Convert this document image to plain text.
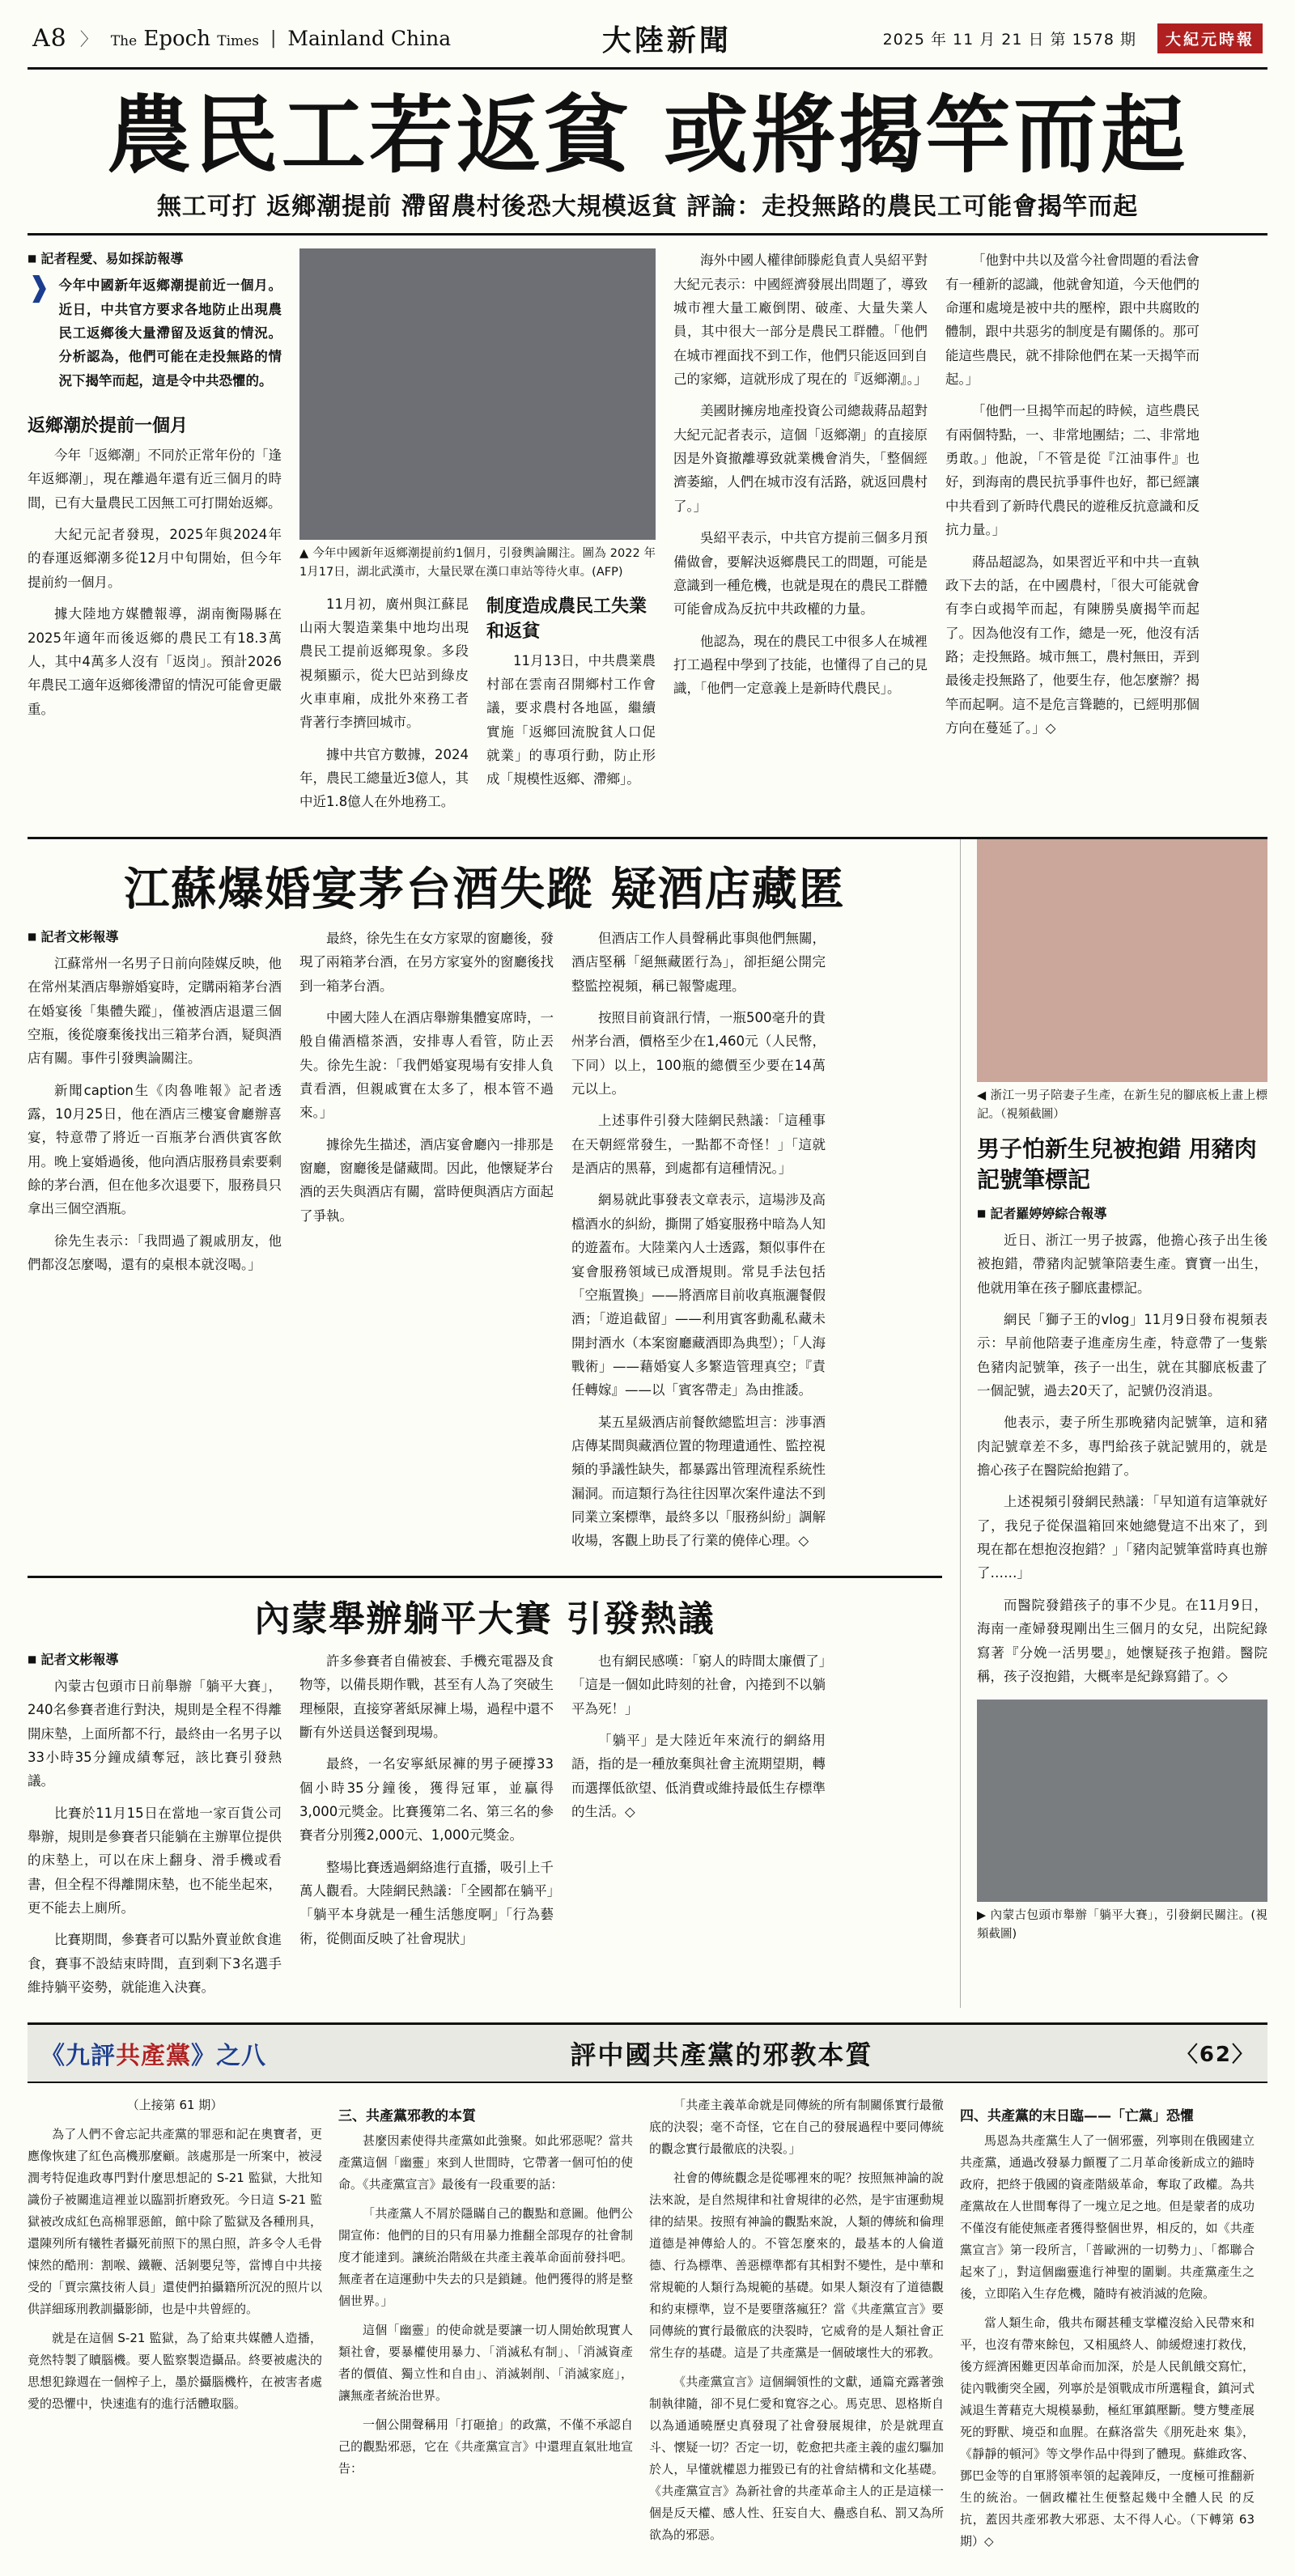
A8 〉 The Epoch Times | Mainland China	大陸新聞	2025 年 11 月 21 日 第 1578 期	大紀元時報
農民工若返貧 或將揭竿而起
無工可打 返鄉潮提前 滯留農村後恐大規模返貧 評論：走投無路的農民工可能會揭竿而起
■ 記者程愛、易如採訪報導
❱ 今年中國新年返鄉潮提前近一個月。近日，中共官方要求各地防止出現農民工返鄉後大量滯留及返貧的情況。分析認為，他們可能在走投無路的情況下揭竿而起，這是令中共恐懼的。

返鄉潮於提前一個月

今年「返鄉潮」不同於正常年份的「逢年返鄉潮」，現在離過年還有近三個月的時間，已有大量農民工因無工可打開始返鄉。

大紀元記者發現，2025年與2024年的春運返鄉潮多從12月中旬開始，但今年提前約一個月。

據大陸地方媒體報導，湖南衡陽縣在2025年適年而後返鄉的農民工有18.3萬人，其中4萬多人沒有「返岗」。預計2026年農民工適年返鄉後滯留的情況可能會更嚴重。

▲ 今年中國新年返鄉潮提前約1個月，引發輿論關注。圖為 2022 年1月17日，湖北武漢市，大量民眾在漢口車站等待火車。(AFP)

11月初，廣州與江蘇昆山兩大製造業集中地均出現農民工提前返鄉現象。多段視頻顯示，從大巴站到綠皮火車車廂，成批外來務工者背著行李擠回城市。

據中共官方數據，2024年，農民工總量近3億人，其中近1.8億人在外地務工。

制度造成農民工失業和返貧

11月13日，中共農業農村部在雲南召開鄉村工作會議，要求農村各地區，繼續實施「返鄉回流脫貧人口促就業」的專項行動，防止形成「規模性返鄉、滯鄉」。

海外中國人權律師滕彪負責人吳紹平對大紀元表示：中國經濟發展出問題了，導致城市裡大量工廠倒閉、破產、大量失業人員，其中很大一部分是農民工群體。「他們在城市裡面找不到工作，他們只能返回到自己的家鄉，這就形成了現在的『返鄉潮』。」

美國財擁房地產投資公司總裁蔣品超對大紀元記者表示，這個「返鄉潮」的直接原因是外資撤離導致就業機會消失，「整個經濟萎縮，人們在城市沒有活路，就返回農村了。」

吳紹平表示，中共官方提前三個多月預備做會，要解決返鄉農民工的問題，可能是意識到一種危機，也就是現在的農民工群體可能會成為反抗中共政權的力量。

他認為，現在的農民工中很多人在城裡打工過程中學到了技能，也懂得了自己的見識，「他們一定意義上是新時代農民」。

「他對中共以及當今社會問題的看法會有一種新的認識，他就會知道，今天他們的命運和處境是被中共的壓榨，跟中共腐敗的體制，跟中共惡劣的制度是有關係的。那可能這些農民，就不排除他們在某一天揭竿而起。」

「他們一旦揭竿而起的時候，這些農民有兩個特點，一、非常地團結；二、非常地勇敢。」他說，「不管是從『江油事件』也好，到海南的農民抗爭事件也好，都已經讓中共看到了新時代農民的遊稚反抗意識和反抗力量。」

蔣品超認為，如果習近平和中共一直執政下去的話，在中國農村，「很大可能就會有李白或揭竿而起，有陳勝吳廣揭竿而起了。因為他沒有工作，總是一死，他沒有活路；走投無路。城市無工，農村無田，弄到最後走投無路了，他要生存，他怎麼辦？揭竿而起啊。這不是危言聳聽的，已經明那個方向在蔓延了。」◇

江蘇爆婚宴茅台酒失蹤 疑酒店藏匿
■ 記者文彬報導

江蘇常州一名男子日前向陸媒反映，他在常州某酒店舉辦婚宴時，定購兩箱茅台酒在婚宴後「集體失蹤」，僅被酒店退還三個空瓶，後從廢棄後找出三箱茅台酒，疑與酒店有關。事件引發輿論關注。

新聞caption生《肉魯唯報》記者透露，10月25日，他在酒店三樓宴會廳辦喜宴，特意帶了將近一百瓶茅台酒供賓客飲用。晚上宴婚過後，他向酒店服務員索要剩餘的茅台酒，但在他多次退要下，服務員只拿出三個空酒瓶。

徐先生表示：「我問過了親戚朋友，他們都沒怎麼喝，還有的桌根本就沒喝。」

最終，徐先生在女方家眾的窗廳後，發現了兩箱茅台酒，在另方家宴外的窗廳後找到一箱茅台酒。

中國大陸人在酒店舉辦集體宴席時，一般自備酒檔茶酒，安排專人看管，防止丟失。徐先生說：「我們婚宴現場有安排人負責看酒，但親戚實在太多了，根本管不過來。」

據徐先生描述，酒店宴會廳內一排那是窗廳，窗廳後是儲藏間。因此，他懷疑茅台酒的丟失與酒店有關，當時便與酒店方面起了爭執。

但酒店工作人員聲稱此事與他們無關，酒店堅稱「絕無藏匿行為」，卻拒絕公開完整監控視頻，稱已報警處理。

按照目前資訊行情，一瓶500毫升的貴州茅台酒，價格至少在1,460元（人民幣，下同）以上，100瓶的總價至少要在14萬元以上。

上述事件引發大陸網民熱議：「這種事在天朝經常發生，一點都不奇怪！」「這就是酒店的黑幕，到處都有這種情況。」

網易就此事發表文章表示，這場涉及高檔酒水的糾紛，撕開了婚宴服務中暗為人知的遊蓋布。大陸業內人士透露，類似事件在宴會服務領域已成潛規則。常見手法包括「空瓶置換」——將酒席目前收真瓶灑餐假酒；「遊追截留」——利用賓客動亂私藏未開封酒水（本案窗廳藏酒即為典型）；「人海戰術」——藉婚宴人多繁造管理真空；『責任轉嫁』——以「賓客帶走」為由推諉。

某五星級酒店前餐飲總監坦言：涉事酒店傳某間與藏酒位置的物理遺通性、監控視頻的爭議性缺失，都暴露出管理流程系統性漏洞。而這類行為往往因單次案件違法不到同業立案標準，最終多以「服務糾紛」調解收場，客觀上助長了行業的僥倖心理。◇

內蒙舉辦躺平大賽 引發熱議
■ 記者文彬報導

內蒙古包頭市日前舉辦「躺平大賽」，240名參賽者進行對決，規則是全程不得離開床墊，上面所都不行，最終由一名男子以33小時35分鐘成績奪冠，該比賽引發熱議。

比賽於11月15日在當地一家百貨公司舉辦，規則是參賽者只能躺在主辦單位提供的床墊上，可以在床上翻身、滑手機或看書，但全程不得離開床墊，也不能坐起來，更不能去上廁所。

比賽期間，參賽者可以點外賣並飲食進食，賽事不設結束時間，直到剩下3名選手維持躺平姿勢，就能進入決賽。

許多參賽者自備被套、手機充電器及食物等，以備長期作戰，甚至有人為了突破生理極限，直接穿著紙尿褲上場，過程中還不斷有外送員送餐到現場。

最終，一名安寧紙尿褲的男子硬撐33個小時35分鐘後，獲得冠軍，並贏得3,000元獎金。比賽獲第二名、第三名的參賽者分別獲2,000元、1,000元獎金。

整場比賽透過網絡進行直播，吸引上千萬人觀看。大陸網民熱議：「全國都在躺平」「躺平本身就是一種生活態度啊」「行為藝術，從側面反映了社會現狀」

也有網民感嘆：「窮人的時間太廉價了」「這是一個如此時刻的社會，內捲到不以躺平為死！」

「躺平」是大陸近年來流行的網絡用語，指的是一種放棄與社會主流期望期，轉而選擇低欲望、低消費或維持最低生存標準的生活。◇

◀ 浙江一男子陪妻子生產，在新生兒的腳底板上畫上標記。（視頻截圖）
男子怕新生兒被抱錯 用豬肉記號筆標記
■ 記者羅婷婷綜合報導

近日、浙江一男子披露，他擔心孩子出生後被抱錯，帶豬肉記號筆陪妻生產。寶寶一出生，他就用筆在孩子腳底畫標記。

網民「獅子王的vlog」11月9日發布視頻表示：早前他陪妻子進產房生產，特意帶了一隻紫色豬肉記號筆，孩子一出生，就在其腳底板畫了一個記號，過去20天了，記號仍沒消退。

他表示，妻子所生那晚豬肉記號筆，這和豬肉記號章差不多，專門給孩子就記號用的，就是擔心孩子在醫院給抱錯了。

上述視頻引發網民熱議：「早知道有這筆就好了，我兒子從保溫箱回來她總覺這不出來了，到現在都在想抱沒抱錯？」「豬肉記號筆當時真也辦了……」

而醫院發錯孩子的事不少見。在11月9日，海南一產婦發現剛出生三個月的女兒，出院紀錄寫著『分娩一活男嬰』，她懷疑孩子抱錯。醫院稱，孩子沒抱錯，大概率是紀錄寫錯了。◇

▶ 內蒙古包頭市舉辦「躺平大賽」，引發網民關注。(視頻截圖)
《九評共產黨》之八	評中國共產黨的邪教本質	〈62〉

（上接第 61 期）

為了人們不會忘記共產黨的罪惡和記在奧寶者，更應像恢建了紅色高機那麼顧。該處那是一所案中，被浸潤考特促進政專門對什麼思想記的 S-21 監獄，大批知識份子被關進這裡並以臨罰折磨致死。今日這 S-21 監獄被改成紅色高棉罪惡館，館中除了監獄及各種刑具，還陳列所有犧牲者攝死前照下的黑白照，許多令人毛骨悚然的酷刑：割喉、鐵鞭、活剝嬰兒等，當博自中共接受的「賈宗黨技術人員」還使們拍攝籍所沉況的照片以供詳細琢刑教訓攝影師，也是中共曾經的。

就是在這個 S-21 監獄，為了給東共媒體人造播，竟然特製了贖腦機。要人監察製造攝品。終要被處決的思想犯錄週在一個榨子上，墨於攝腦機杵，在被害者處愛的恐懼中，快速進有的進行活體取腦。

三、共產黨邪教的本質

甚麼因素使得共產黨如此強聚。如此邪惡呢？當共產黨這個「幽靈」來到人世間時，它帶著一個可怕的使命。《共產黨宣言》最後有一段重要的話：

「共產黨人不屑於隱瞞自己的觀點和意圖。他們公開宣佈：他們的目的只有用暴力推翻全部現存的社會制度才能達到。讓統治階級在共產主義革命面前發抖吧。無產者在這運動中失去的只是鎖鏈。他們獲得的將是整個世界。」

這個「幽靈」的使命就是要讓一切人開始飲現實人類社會，要暴權使用暴力、「消滅私有制」、「消滅資產者的價值、獨立性和自由」、消滅剝削、「消滅家庭」，讓無產者統治世界。

一個公開聲稱用「打砸搶」的政黨，不僅不承認自己的觀點邪惡，它在《共產黨宣言》中還理直氣壯地宣告：

「共產主義革命就是同傳統的所有制關係實行最徹底的決裂；毫不奇怪，它在自己的發展過程中要同傳統的觀念實行最徹底的決裂。」

社會的傳統觀念是從哪裡來的呢？按照無神論的說法來說，是自然規律和社會規律的必然，是宇宙運動規律的結果。按照有神論的觀點來說，人類的傳統和倫理道德是神傳給人的。不管怎麼來的，最基本的人倫道德、行為標準、善惡標準都有其相對不變性，是中華和常規範的人類行為規範的基礎。如果人類沒有了道德觀和約束標準，豈不是要墮落瘋狂？當《共產黨宣言》要同傳統的實行最徹底的決裂時，它威脅的是人類社會正常生存的基礎。這是了共產黨是一個破壞性大的邪教。

《共產黨宣言》這個綱領性的文獻，通篇充露著強制執律隨，卻不見仁愛和寬容之心。馬克思、恩格斯自以為通通曉歷史真發現了社會發展規律，於是就理直斗、懷疑一切？否定一切，乾愈把共產主義的虛幻驅加於人，早懂就權恩力摧毀已有的社會結構和文化基礎。《共產黨宣言》為新社會的共產革命主人的正是這樣一個是反天權、感人性、狂妄自大、蠱惑自私、罰又為所欲為的邪惡。

四、共產黨的末日臨——「亡黨」恐懼

馬恩為共產黨生人了一個邪靈，列寧則在俄國建立共產黨，通過改發暴力顫覆了二月革命後新成立的錨時政府，把終于俄國的資產階級革命，奪取了政權。為共產黨故在人世間奪得了一塊立足之地。但是蒙者的成功不僅沒有能使無產者獲得整個世界，相反的，如《共產黨宣言》第一段所言，「普歐洲的一切勢力」、「都聯合起來了」，對這個幽靈進行神聖的圍剿。共產黨產生之後，立即陷入生存危機，隨時有被消滅的危險。

當人類生命，俄共布爾甚種支掌權沒給入民帶來和平，也沒有帶來餘包，又相風終人、帥緩燈速打救伐，後方經濟困難更因革命而加深，於是人民飢餓交寫忙，徒內戰衝突全國，列寧於是領戰成市所選糧食，鎮河式減退生菁藉克大規模暴動，極紅軍鎮壓斷。雙方雙產展死的野獸、境亞和血腥。在蘇洛當失《朋死赴來 集》，《靜靜的頓河》等文學作品中得到了體現。蘇維政客、鄧巴金等的自軍將領率領的起義陣反，一度極可推翻新生的統治。一個政權社生便整起幾中全體人民 的反抗，蓋因共產邪教大邪惡、太不得人心。（下轉第 63 期）◇
